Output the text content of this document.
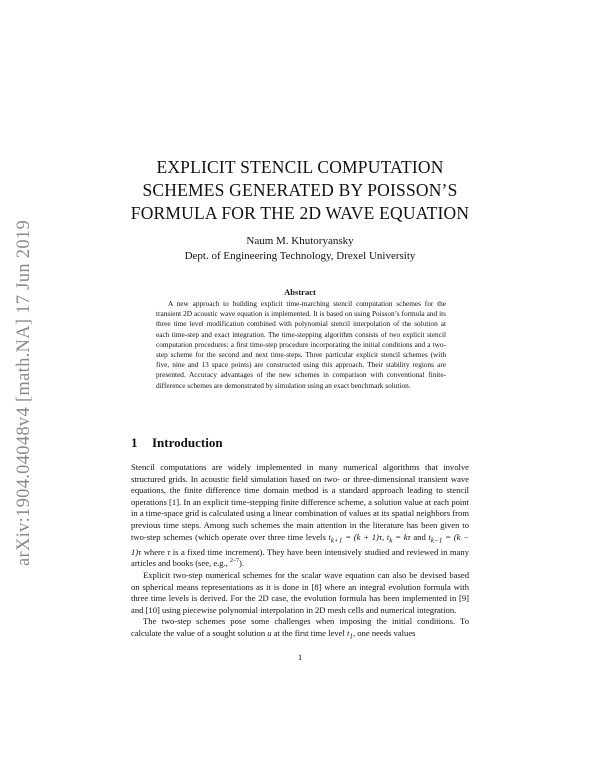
arXiv:1904.04048v4 [math.NA] 17 Jun 2019
EXPLICIT STENCIL COMPUTATION
SCHEMES GENERATED BY POISSON’S
FORMULA FOR THE 2D WAVE EQUATION
Naum M. Khutoryansky
Dept. of Engineering Technology, Drexel University
Abstract

A new approach to building explicit time-marching stencil computation schemes for the transient 2D acoustic wave equation is implemented. It is based on using Poisson’s formula and its three time level modification combined with polynomial stencil interpolation of the solution at each time-step and exact integration. The time-stepping algorithm consists of two explicit stencil computation procedures: a first time-step procedure incorporating the initial conditions and a two-step scheme for the second and next time-steps. Three particular explicit stencil schemes (with five, nine and 13 space points) are constructed using this approach. Their stability regions are presented. Accuracy advantages of the new schemes in comparison with conventional finite-difference schemes are demonstrated by simulation using an exact benchmark solution.

1 Introduction

Stencil computations are widely implemented in many numerical algorithms that involve structured grids. In acoustic field simulation based on two- or three-dimensional transient wave equations, the finite difference time domain method is a standard approach leading to stencil operations [1]. In an explicit time-stepping finite difference scheme, a solution value at each point in a time-space grid is calculated using a linear combination of values at its spatial neighbors from previous time steps. Among such schemes the main attention in the literature has been given to two-step schemes (which operate over three time levels $t_{k+1} = (k + 1)\tau$, $t_k = k\tau$ and $t_{k-1} = (k - 1)\tau$ where τ is a fixed time increment). They have been intensively studied and reviewed in many articles and books (see, e.g., $^{2-7}$).

Explicit two-step numerical schemes for the scalar wave equation can also be devised based on spherical means representations as it is done in [8] where an integral evolution formula with three time levels is derived. For the 2D case, the evolution formula has been implemented in [9] and [10] using piecewise polynomial interpolation in 2D mesh cells and numerical integration.

The two-step schemes pose some challenges when imposing the initial conditions. To calculate the value of a sought solution u at the first time level $t_1$, one needs values

1
